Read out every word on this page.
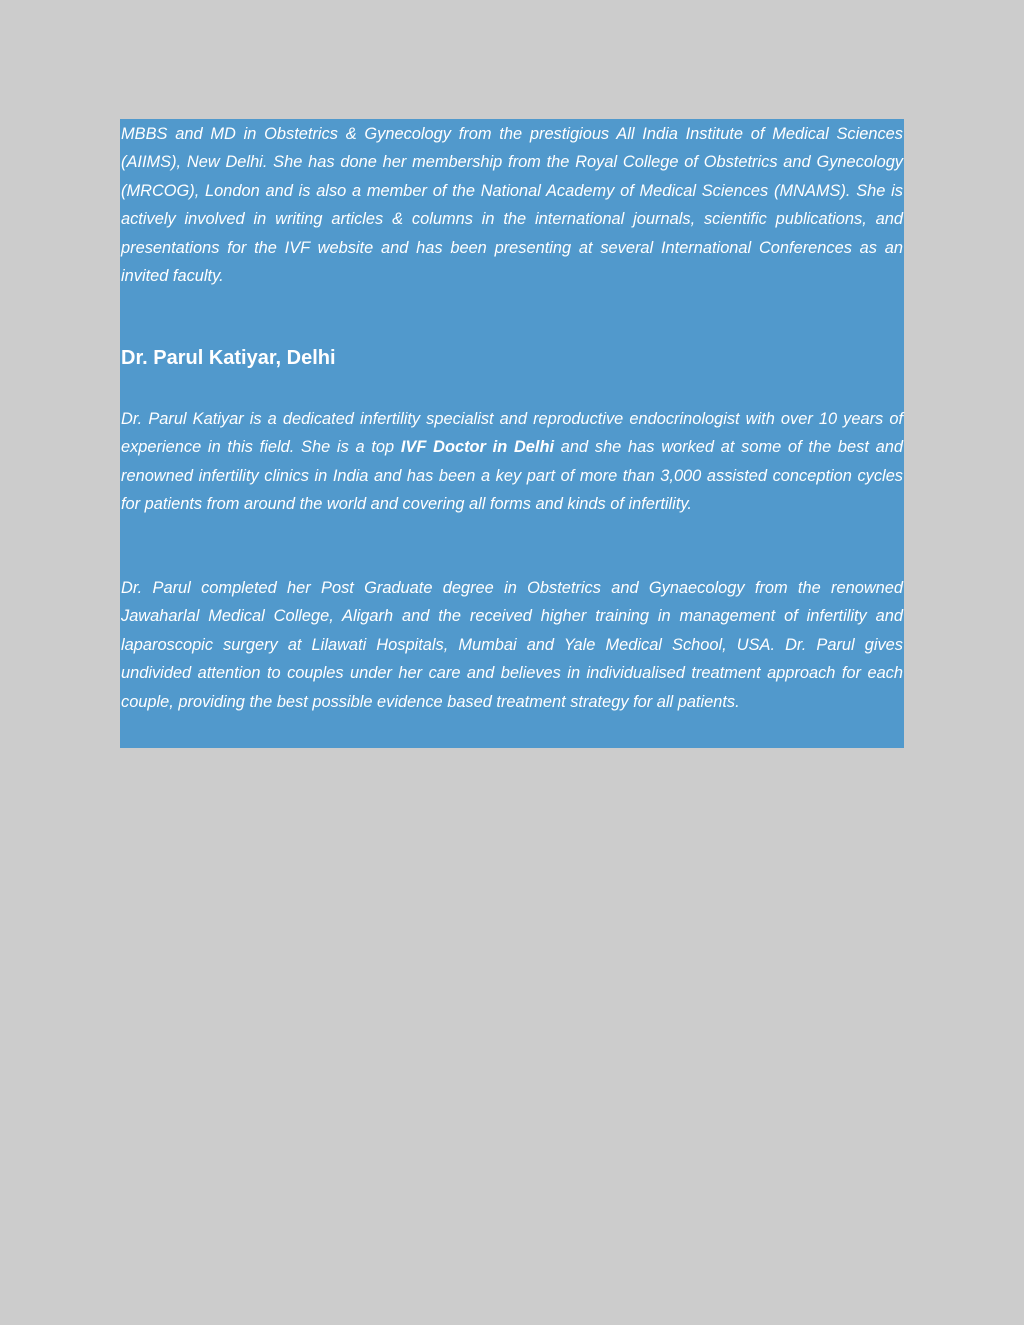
MBBS and MD in Obstetrics & Gynecology from the prestigious All India Institute of Medical Sciences (AIIMS), New Delhi. She has done her membership from the Royal College of Obstetrics and Gynecology (MRCOG), London and is also a member of the National Academy of Medical Sciences (MNAMS). She is actively involved in writing articles & columns in the international journals, scientific publications, and presentations for the IVF website and has been presenting at several International Conferences as an invited faculty.

Dr. Parul Katiyar, Delhi

Dr. Parul Katiyar is a dedicated infertility specialist and reproductive endocrinologist with over 10 years of experience in this field. She is a top IVF Doctor in Delhi and she has worked at some of the best and renowned infertility clinics in India and has been a key part of more than 3,000 assisted conception cycles for patients from around the world and covering all forms and kinds of infertility.

Dr. Parul completed her Post Graduate degree in Obstetrics and Gynaecology from the renowned Jawaharlal Medical College, Aligarh and the received higher training in management of infertility and laparoscopic surgery at Lilawati Hospitals, Mumbai and Yale Medical School, USA. Dr. Parul gives undivided attention to couples under her care and believes in individualised treatment approach for each couple, providing the best possible evidence based treatment strategy for all patients.
